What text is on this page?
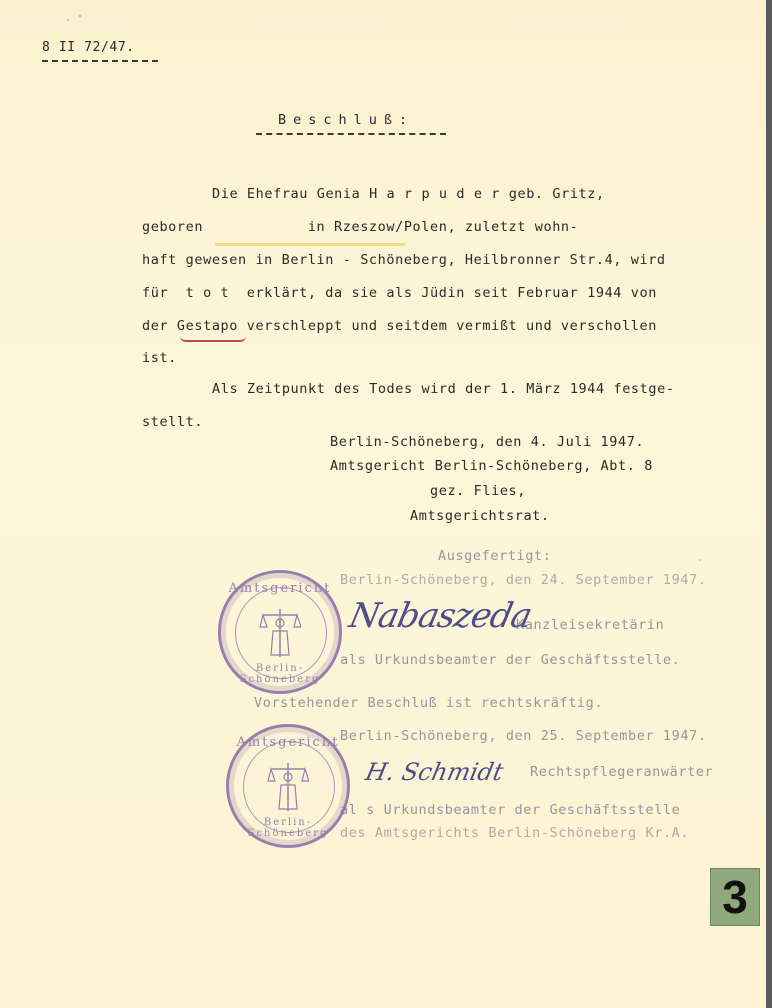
8 II 72/47.
Beschluß:
Die Ehefrau Genia H a r p u d e r geb. Gritz,
geboren            in Rzeszow/Polen, zuletzt wohn-
haft gewesen in Berlin - Schöneberg, Heilbronner Str.4, wird
für  t o t  erklärt, da sie als Jüdin seit Februar 1944 von
der Gestapo verschleppt und seitdem vermißt und verschollen
ist.
Als Zeitpunkt des Todes wird der 1. März 1944 festge-
stellt.
Berlin-Schöneberg, den 4. Juli 1947.
Amtsgericht Berlin-Schöneberg, Abt. 8
gez. Flies,
Amtsgerichtsrat.
Ausgefertigt:
Berlin-Schöneberg, den 24. September 1947.
Kanzleisekretärin
als Urkundsbeamter der Geschäftsstelle.
Vorstehender Beschluß ist rechtskräftig.
Berlin-Schöneberg, den 25. September 1947.
Rechtspflegeranwärter
al s Urkundsbeamter der Geschäftsstelle
des Amtsgerichts Berlin-Schöneberg Kr.A.
Nabaszeda
H. Schmidt
Amtsgericht
Berlin-Schöneberg
Amtsgericht
Berlin-Schöneberg
3
